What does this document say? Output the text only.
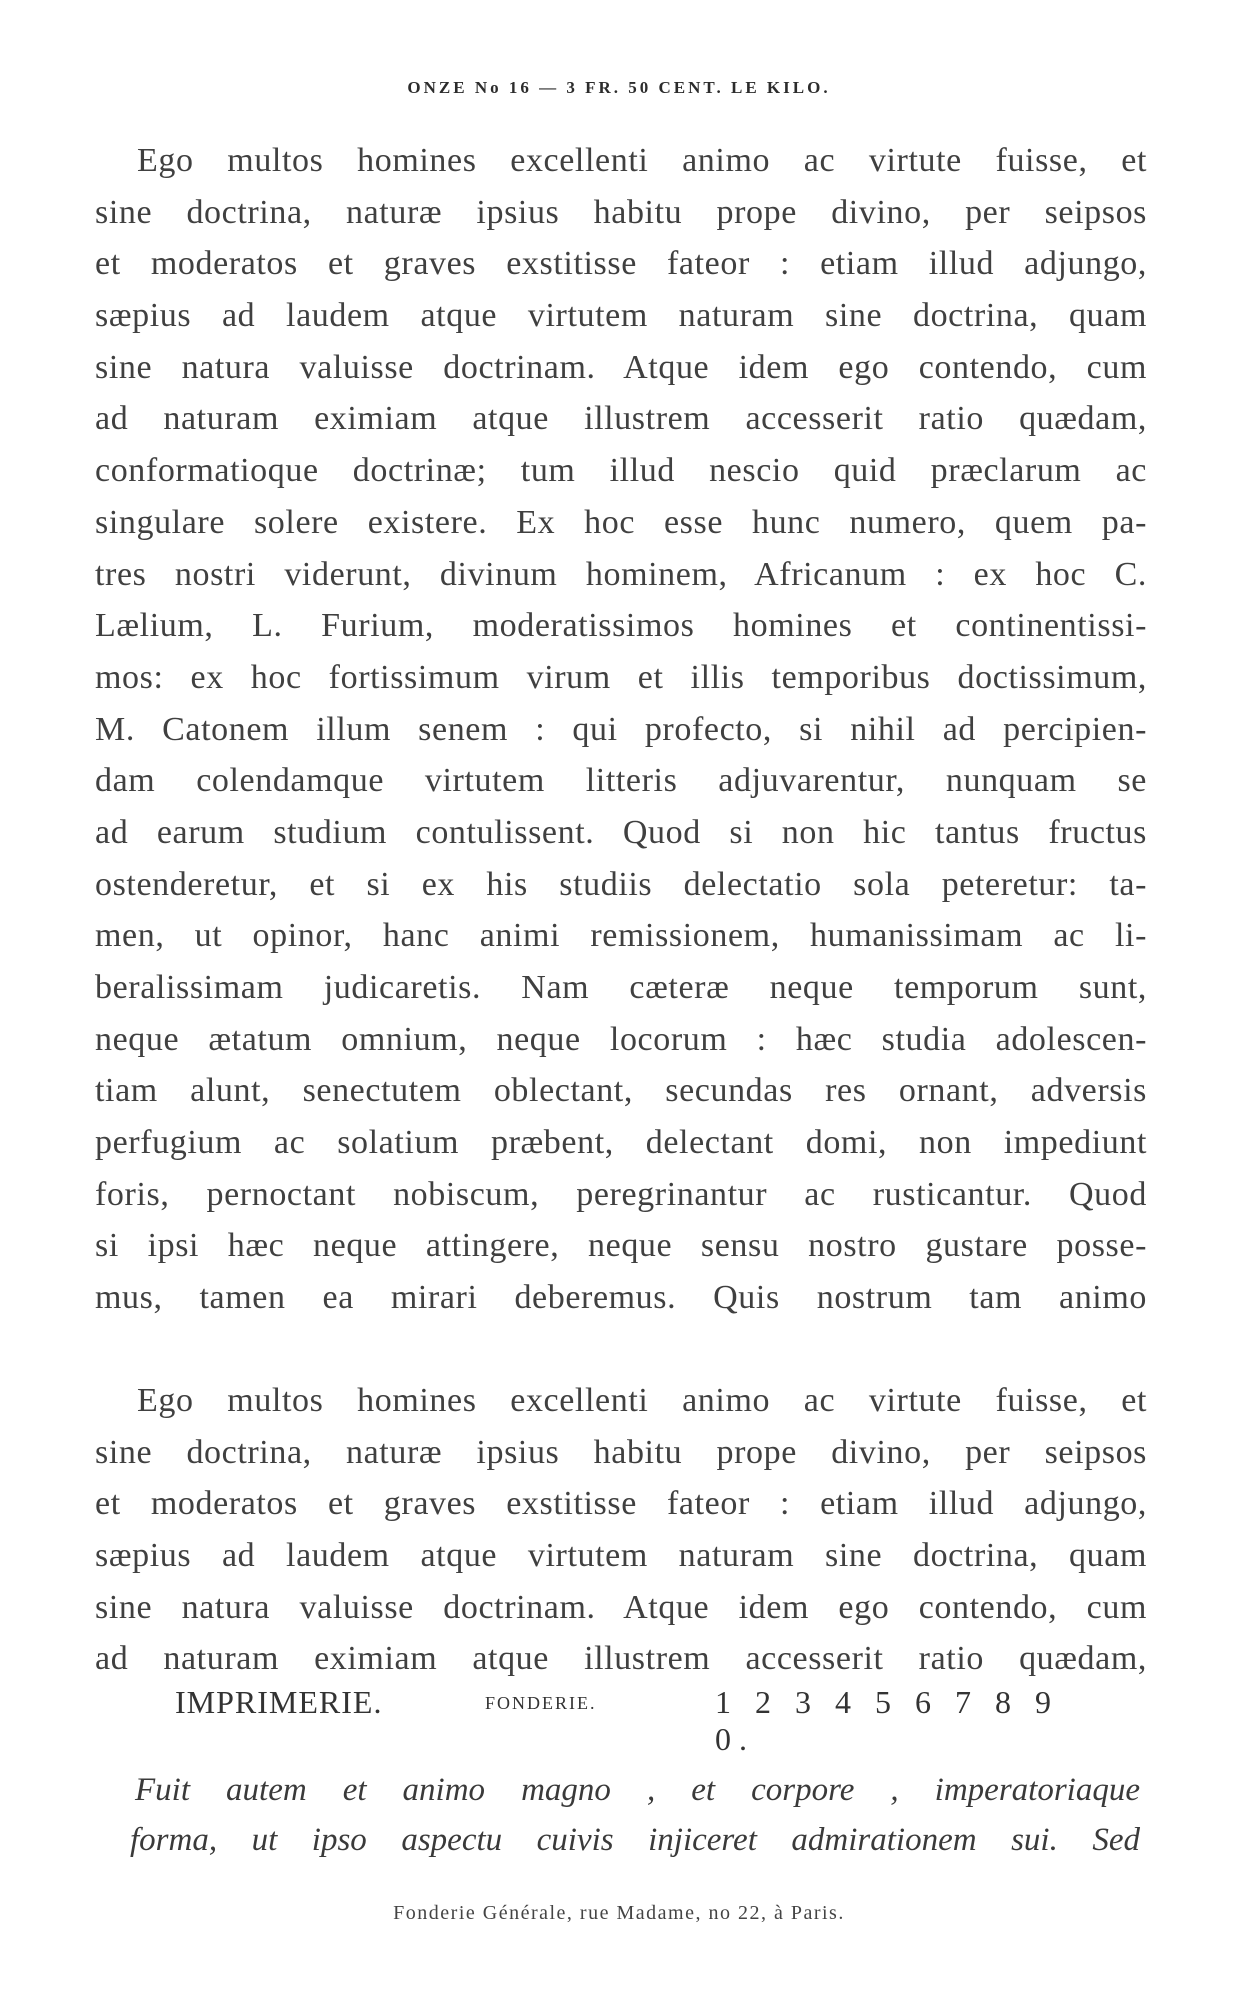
ONZE No 16 — 3 FR. 50 CENT. LE KILO.
Ego multos homines excellenti animo ac virtute fuisse, et
sine doctrina, naturæ ipsius habitu prope divino, per seipsos
et moderatos et graves exstitisse fateor : etiam illud adjungo,
sæpius ad laudem atque virtutem naturam sine doctrina, quam
sine natura valuisse doctrinam. Atque idem ego contendo, cum
ad naturam eximiam atque illustrem accesserit ratio quædam,
conformatioque doctrinæ; tum illud nescio quid præclarum ac
singulare solere existere. Ex hoc esse hunc numero, quem pa-
tres nostri viderunt, divinum hominem, Africanum : ex hoc C.
Lælium, L. Furium, moderatissimos homines et continentissi-
mos: ex hoc fortissimum virum et illis temporibus doctissimum,
M. Catonem illum senem : qui profecto, si nihil ad percipien-
dam colendamque virtutem litteris adjuvarentur, nunquam se
ad earum studium contulissent. Quod si non hic tantus fructus
ostenderetur, et si ex his studiis delectatio sola peteretur: ta-
men, ut opinor, hanc animi remissionem, humanissimam ac li-
beralissimam judicaretis. Nam cæteræ neque temporum sunt,
neque ætatum omnium, neque locorum : hæc studia adolescen-
tiam alunt, senectutem oblectant, secundas res ornant, adversis
perfugium ac solatium præbent, delectant domi, non impediunt
foris, pernoctant nobiscum, peregrinantur ac rusticantur. Quod
si ipsi hæc neque attingere, neque sensu nostro gustare posse-
mus, tamen ea mirari deberemus. Quis nostrum tam animo
Ego multos homines excellenti animo ac virtute fuisse, et
sine doctrina, naturæ ipsius habitu prope divino, per seipsos
et moderatos et graves exstitisse fateor : etiam illud adjungo,
sæpius ad laudem atque virtutem naturam sine doctrina, quam
sine natura valuisse doctrinam. Atque idem ego contendo, cum
ad naturam eximiam atque illustrem accesserit ratio quædam,
IMPRIMERIE.	FONDERIE.	1 2 3 4 5 6 7 8 9 0.
Fuit autem et animo magno , et corpore , imperatoriaque
forma, ut ipso aspectu cuivis injiceret admirationem sui. Sed
Fonderie Générale, rue Madame, no 22, à Paris.
